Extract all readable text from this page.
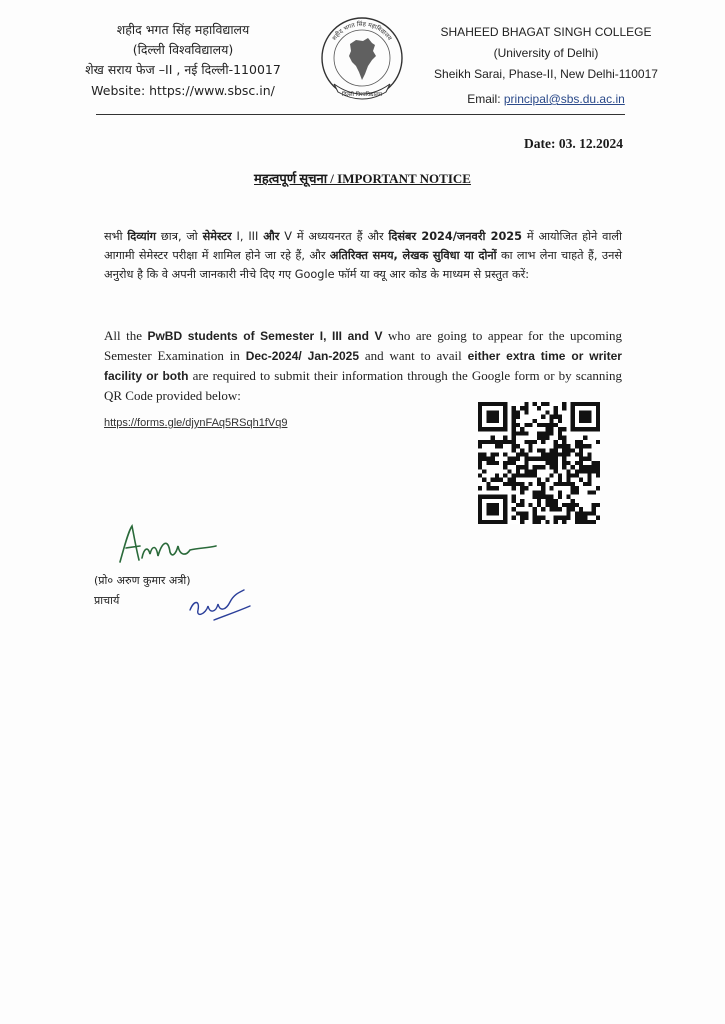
शहीद भगत सिंह महाविद्यालय
(दिल्ली विश्वविद्यालय)
शेख सराय फेज –II , नई दिल्ली-110017
Website: https://www.sbsc.in/
शहीद भगत सिंह महाविद्यालय
दिल्ली विश्वविद्यालय
SHAHEED BHAGAT SINGH COLLEGE
(University of Delhi)
Sheikh Sarai, Phase-II, New Delhi-110017
Email: principal@sbs.du.ac.in
Date: 03. 12.2024
महत्वपूर्ण सूचना / IMPORTANT NOTICE
सभी दिव्यांग छात्र, जो सेमेस्टर I, III और V में अध्ययनरत हैं और दिसंबर 2024/जनवरी 2025 में आयोजित होने वाली आगामी सेमेस्टर परीक्षा में शामिल होने जा रहे हैं, और अतिरिक्त समय, लेखक सुविधा या दोनों का लाभ लेना चाहते हैं, उनसे अनुरोध है कि वे अपनी जानकारी नीचे दिए गए Google फॉर्म या क्यू आर कोड के माध्यम से प्रस्तुत करें:
All the PwBD students of Semester I, III and V who are going to appear for the upcoming Semester Examination in Dec-2024/ Jan-2025 and want to avail either extra time or writer facility or both are required to submit their information through the Google form or by scanning QR Code provided below:
https://forms.gle/djynFAq5RSqh1fVq9
(प्रो० अरुण कुमार अत्री)
प्राचार्य
